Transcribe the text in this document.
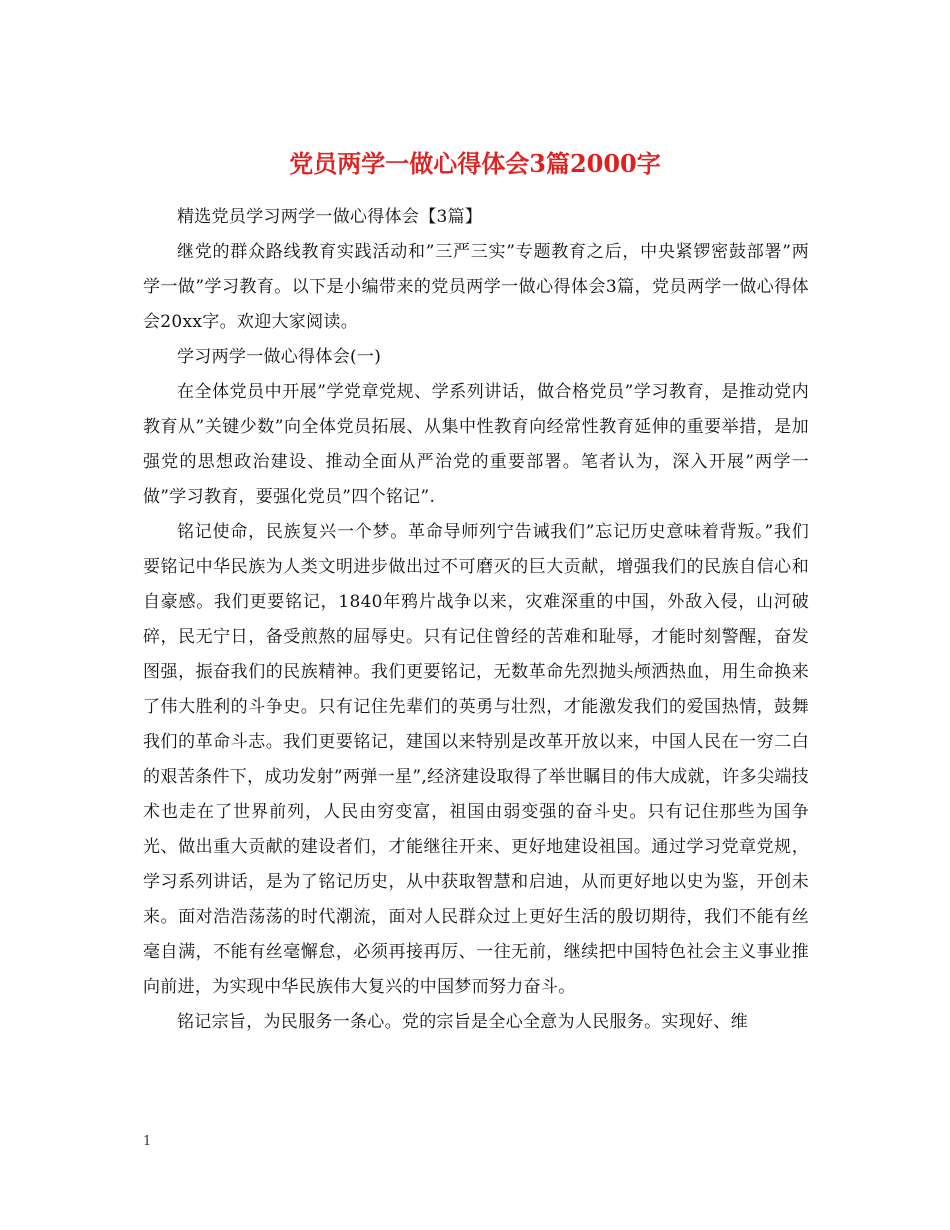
党员两学一做心得体会3篇2000字

精选党员学习两学一做心得体会【3篇】

继党的群众路线教育实践活动和”三严三实”专题教育之后，中央紧锣密鼓部署”两学一做”学习教育。以下是小编带来的党员两学一做心得体会3篇，党员两学一做心得体会20xx字。欢迎大家阅读。

学习两学一做心得体会(一)

在全体党员中开展”学党章党规、学系列讲话，做合格党员”学习教育，是推动党内教育从”关键少数”向全体党员拓展、从集中性教育向经常性教育延伸的重要举措，是加强党的思想政治建设、推动全面从严治党的重要部署。笔者认为，深入开展”两学一做”学习教育，要强化党员”四个铭记”.

铭记使命，民族复兴一个梦。革命导师列宁告诫我们”忘记历史意味着背叛。”我们要铭记中华民族为人类文明进步做出过不可磨灭的巨大贡献，增强我们的民族自信心和自豪感。我们更要铭记，1840年鸦片战争以来，灾难深重的中国，外敌入侵，山河破碎，民无宁日，备受煎熬的屈辱史。只有记住曾经的苦难和耻辱，才能时刻警醒，奋发图强，振奋我们的民族精神。我们更要铭记，无数革命先烈抛头颅洒热血，用生命换来了伟大胜利的斗争史。只有记住先辈们的英勇与壮烈，才能激发我们的爱国热情，鼓舞我们的革命斗志。我们更要铭记，建国以来特别是改革开放以来，中国人民在一穷二白的艰苦条件下，成功发射”两弹一星”,经济建设取得了举世瞩目的伟大成就，许多尖端技术也走在了世界前列，人民由穷变富，祖国由弱变强的奋斗史。只有记住那些为国争光、做出重大贡献的建设者们，才能继往开来、更好地建设祖国。通过学习党章党规，学习系列讲话，是为了铭记历史，从中获取智慧和启迪，从而更好地以史为鉴，开创未来。面对浩浩荡荡的时代潮流，面对人民群众过上更好生活的殷切期待，我们不能有丝毫自满，不能有丝毫懈怠，必须再接再厉、一往无前，继续把中国特色社会主义事业推向前进，为实现中华民族伟大复兴的中国梦而努力奋斗。

铭记宗旨，为民服务一条心。党的宗旨是全心全意为人民服务。实现好、维

1
